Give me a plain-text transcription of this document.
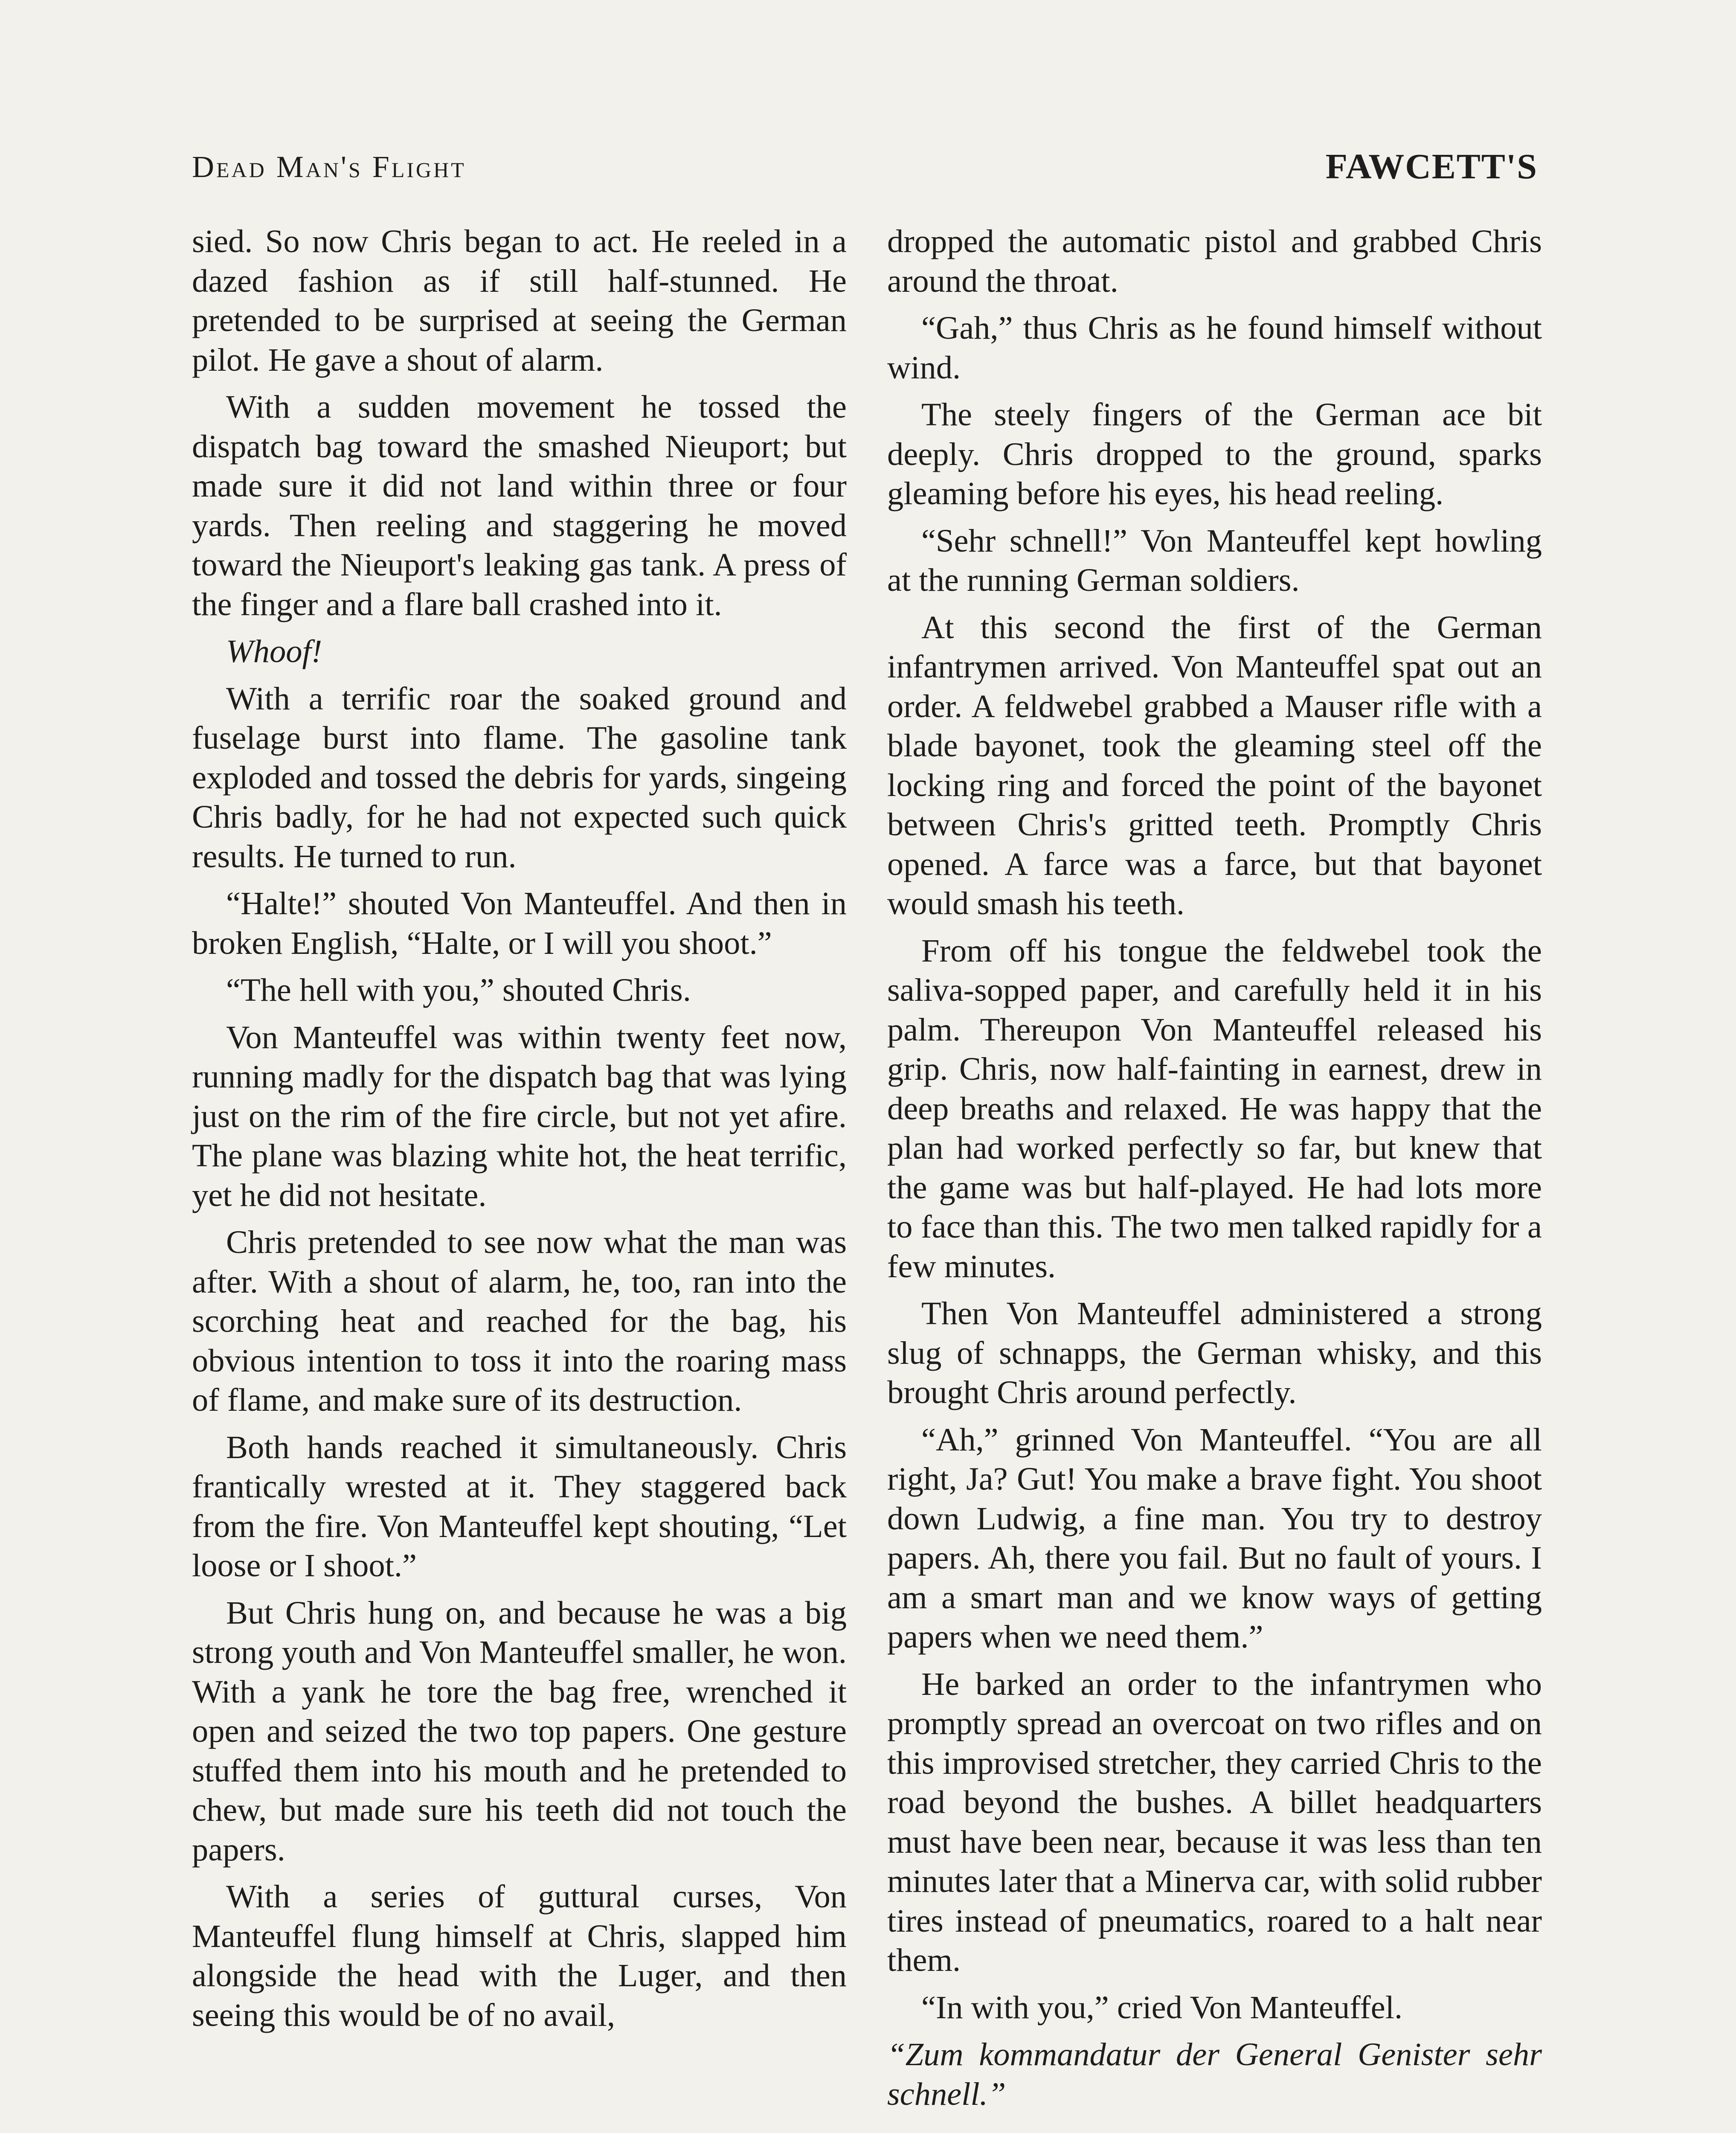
Dead Man's Flight	FAWCETT'S

sied. So now Chris began to act. He reeled in a dazed fashion as if still half-stunned. He pretended to be surprised at seeing the German pilot. He gave a shout of alarm.

With a sudden movement he tossed the dispatch bag toward the smashed Nieuport; but made sure it did not land within three or four yards. Then reeling and staggering he moved toward the Nieuport's leaking gas tank. A press of the finger and a flare ball crashed into it.

Whoof!

With a terrific roar the soaked ground and fuselage burst into flame. The gasoline tank exploded and tossed the debris for yards, singeing Chris badly, for he had not expected such quick results. He turned to run.

“Halte!” shouted Von Manteuffel. And then in broken English, “Halte, or I will you shoot.”

“The hell with you,” shouted Chris.

Von Manteuffel was within twenty feet now, running madly for the dispatch bag that was lying just on the rim of the fire circle, but not yet afire. The plane was blazing white hot, the heat terrific, yet he did not hesitate.

Chris pretended to see now what the man was after. With a shout of alarm, he, too, ran into the scorching heat and reached for the bag, his obvious intention to toss it into the roaring mass of flame, and make sure of its destruction.

Both hands reached it simultaneously. Chris frantically wrested at it. They staggered back from the fire. Von Manteuffel kept shouting, “Let loose or I shoot.”

But Chris hung on, and because he was a big strong youth and Von Manteuffel smaller, he won. With a yank he tore the bag free, wrenched it open and seized the two top papers. One gesture stuffed them into his mouth and he pretended to chew, but made sure his teeth did not touch the papers.

With a series of guttural curses, Von Manteuffel flung himself at Chris, slapped him alongside the head with the Luger, and then seeing this would be of no avail,

dropped the automatic pistol and grabbed Chris around the throat.

“Gah,” thus Chris as he found himself without wind.

The steely fingers of the German ace bit deeply. Chris dropped to the ground, sparks gleaming before his eyes, his head reeling.

“Sehr schnell!” Von Manteuffel kept howling at the running German soldiers.

At this second the first of the German infantrymen arrived. Von Manteuffel spat out an order. A feldwebel grabbed a Mauser rifle with a blade bayonet, took the gleaming steel off the locking ring and forced the point of the bayonet between Chris's gritted teeth. Promptly Chris opened. A farce was a farce, but that bayonet would smash his teeth.

From off his tongue the feldwebel took the saliva-sopped paper, and carefully held it in his palm. Thereupon Von Manteuffel released his grip. Chris, now half-fainting in earnest, drew in deep breaths and relaxed. He was happy that the plan had worked perfectly so far, but knew that the game was but half-played. He had lots more to face than this. The two men talked rapidly for a few minutes.

Then Von Manteuffel administered a strong slug of schnapps, the German whisky, and this brought Chris around perfectly.

“Ah,” grinned Von Manteuffel. “You are all right, Ja? Gut! You make a brave fight. You shoot down Ludwig, a fine man. You try to destroy papers. Ah, there you fail. But no fault of yours. I am a smart man and we know ways of getting papers when we need them.”

He barked an order to the infantrymen who promptly spread an overcoat on two rifles and on this improvised stretcher, they carried Chris to the road beyond the bushes. A billet headquarters must have been near, because it was less than ten minutes later that a Minerva car, with solid rubber tires instead of pneumatics, roared to a halt near them.

“In with you,” cried Von Manteuffel.

“Zum kommandatur der General Genister sehr schnell.”
